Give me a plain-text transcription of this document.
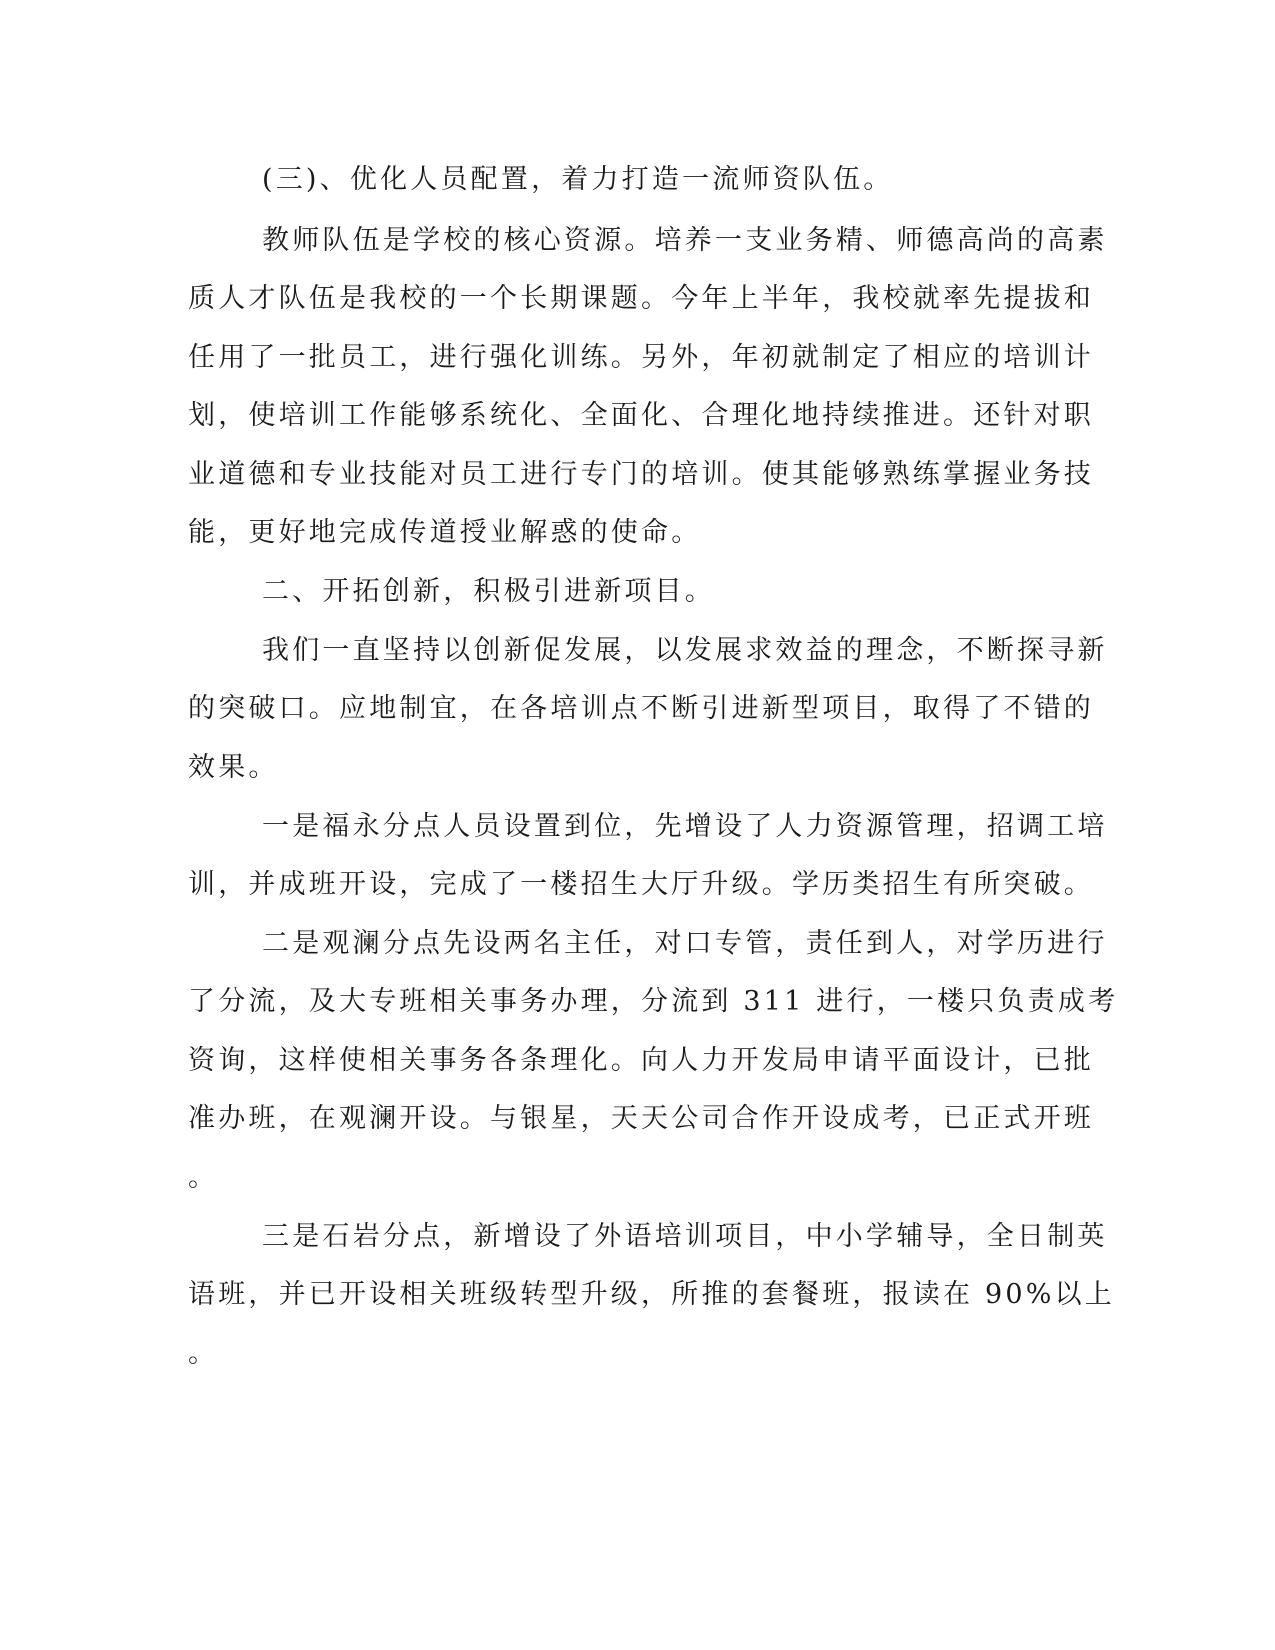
(三)、优化人员配置，着力打造一流师资队伍。
教师队伍是学校的核心资源。培养一支业务精、师德高尚的高素
质人才队伍是我校的一个长期课题。今年上半年，我校就率先提拔和
任用了一批员工，进行强化训练。另外，年初就制定了相应的培训计
划，使培训工作能够系统化、全面化、合理化地持续推进。还针对职
业道德和专业技能对员工进行专门的培训。使其能够熟练掌握业务技
能，更好地完成传道授业解惑的使命。
二、开拓创新，积极引进新项目。
我们一直坚持以创新促发展，以发展求效益的理念，不断探寻新
的突破口。应地制宜，在各培训点不断引进新型项目，取得了不错的
效果。
一是福永分点人员设置到位，先增设了人力资源管理，招调工培
训，并成班开设，完成了一楼招生大厅升级。学历类招生有所突破。
二是观澜分点先设两名主任，对口专管，责任到人，对学历进行
了分流，及大专班相关事务办理，分流到 311 进行，一楼只负责成考
资询，这样使相关事务各条理化。向人力开发局申请平面设计，已批
准办班，在观澜开设。与银星，天天公司合作开设成考，已正式开班
。
三是石岩分点，新增设了外语培训项目，中小学辅导，全日制英
语班，并已开设相关班级转型升级，所推的套餐班，报读在 90%以上
。
